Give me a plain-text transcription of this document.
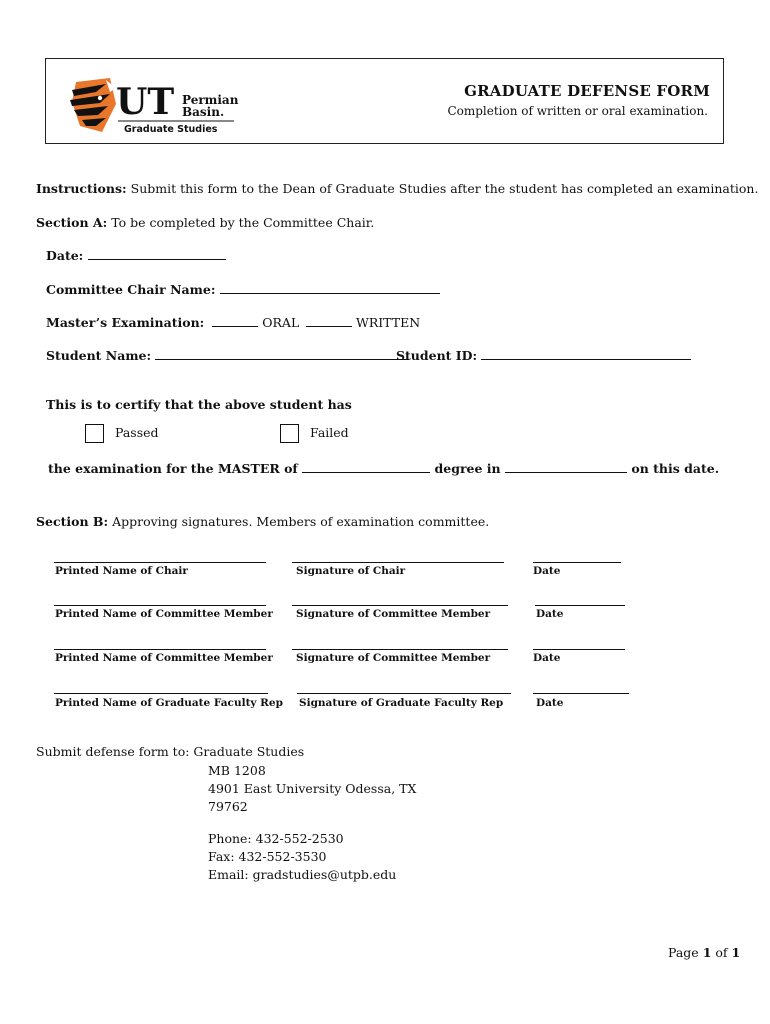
UT Permian
Basin.
Graduate Studies
GRADUATE DEFENSE FORM
Completion of written or oral examination.
Instructions: Submit this form to the Dean of Graduate Studies after the student has completed an examination.
Section A: To be completed by the Committee Chair.
Date:
Committee Chair Name:
Master’s Examination:	ORAL	WRITTEN
Student Name:	Student ID:
This is to certify that the above student has
Passed	Failed
the examination for the MASTER of	degree in	on this date.
Section B: Approving signatures. Members of examination committee.
Printed Name of Chair	Signature of Chair	Date
Printed Name of Committee Member Signature of Committee Member	Date
Printed Name of Committee Member Signature of Committee Member	Date
Printed Name of Graduate Faculty Rep Signature of Graduate Faculty Rep	Date
Submit defense form to: Graduate Studies
MB 1208
4901 East University Odessa, TX
79762
Phone: 432-552-2530
Fax: 432-552-3530
Email: gradstudies@utpb.edu
Page 1 of 1
